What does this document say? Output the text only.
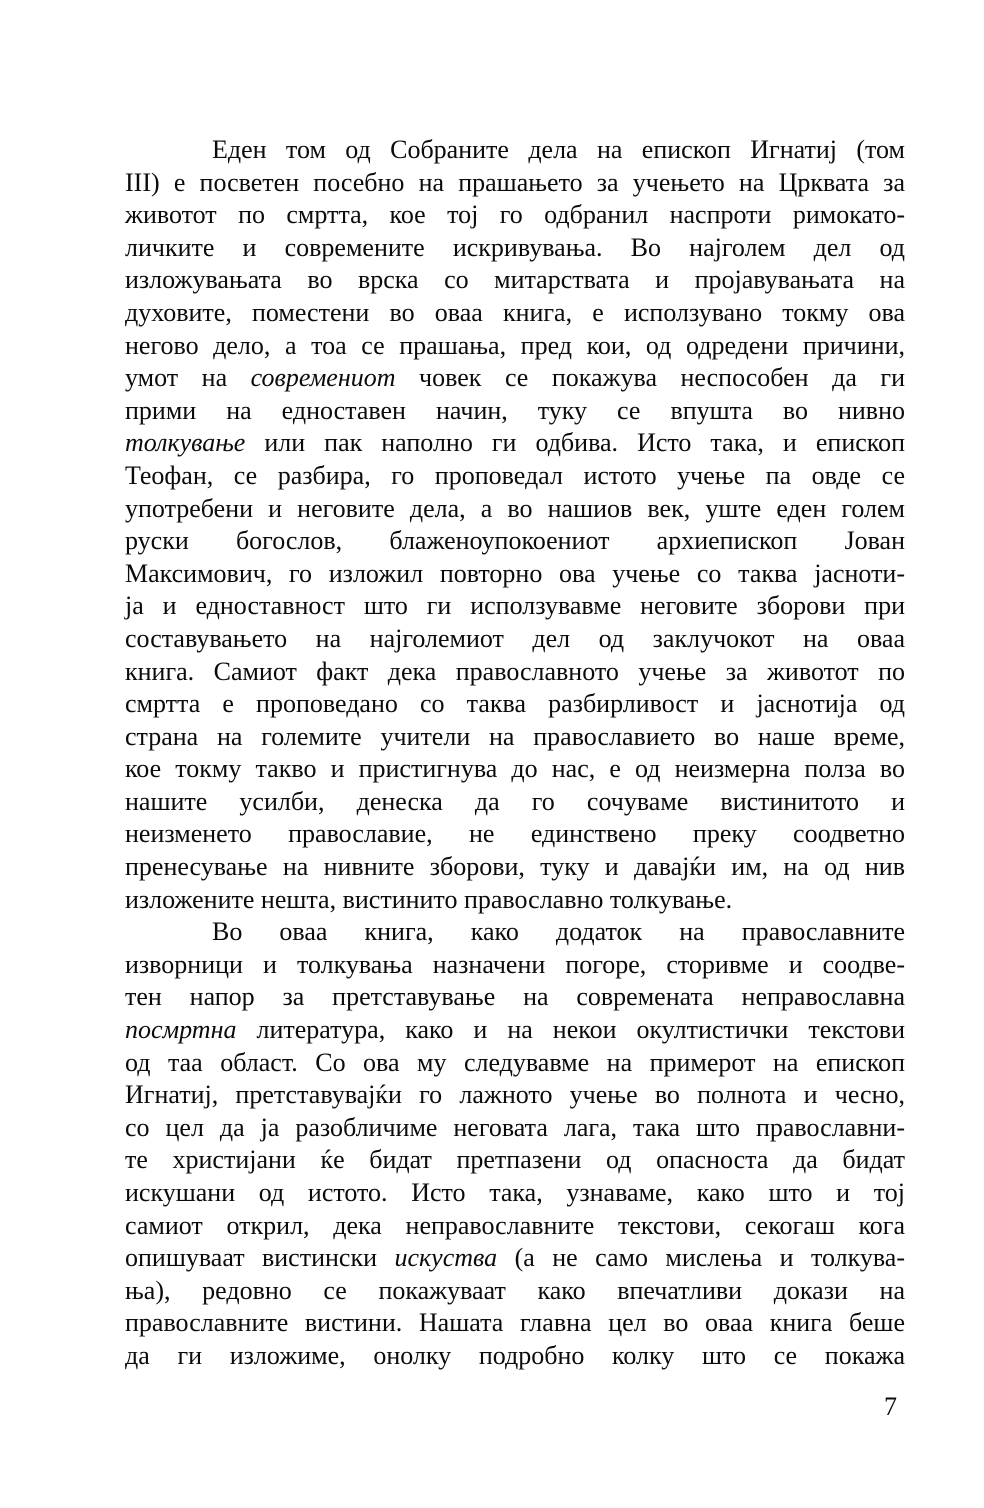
Еден том од Собраните дела на епископ Игнатиј (том
III) е посветен посебно на прашањето за учењето на Црквата за
животот по смртта, кое тој го одбранил наспроти римокато-
личките и современите искривувања. Во најголем дел од
изложувањата во врска со митарствата и пројавувањата на
духовите, поместени во оваа книга, е исползувано токму ова
негово дело, а тоа се прашања, пред кои, од одредени причини,
умот на современиот човек се покажува неспособен да ги
прими на едноставен начин, туку се впушта во нивно
толкување или пак наполно ги одбива. Исто така, и епископ
Теофан, се разбира, го проповедал истото учење па овде се
употребени и неговите дела, а во нашиов век, уште еден голем
руски богослов, блаженоупокоениот архиепископ Јован
Максимович, го изложил повторно ова учење со таква јасноти-
ја и едноставност што ги исползувавме неговите зборови при
составувањето на најголемиот дел од заклучокот на оваа
книга. Самиот факт дека православното учење за животот по
смртта е проповедано со таква разбирливост и јаснотија од
страна на големите учители на православието во наше време,
кое токму такво и пристигнува до нас, е од неизмерна полза во
нашите усилби, денеска да го сочуваме вистинитото и
неизменето православие, не единствено преку соодветно
пренесување на нивните зборови, туку и давајќи им, на од нив
изложените нешта, вистинито православно толкување.
Во оваа книга, како додаток на православните
изворници и толкувања назначени погоре, сторивме и соодве-
тен напор за претставување на современата неправославна
посмртна литература, како и на некои окултистички текстови
од таа област. Со ова му следувавме на примерот на епископ
Игнатиј, претставувајќи го лажното учење во полнота и чесно,
со цел да ја разобличиме неговата лага, така што православни-
те христијани ќе бидат претпазени од опасноста да бидат
искушани од истото. Исто така, узнаваме, како што и тој
самиот открил, дека неправославните текстови, секогаш кога
опишуваат вистински искуства (а не само мислења и толкува-
ња), редовно се покажуваат како впечатливи докази на
православните вистини. Нашата главна цел во оваа книга беше
да ги изложиме, онолку подробно колку што се покажа
7
